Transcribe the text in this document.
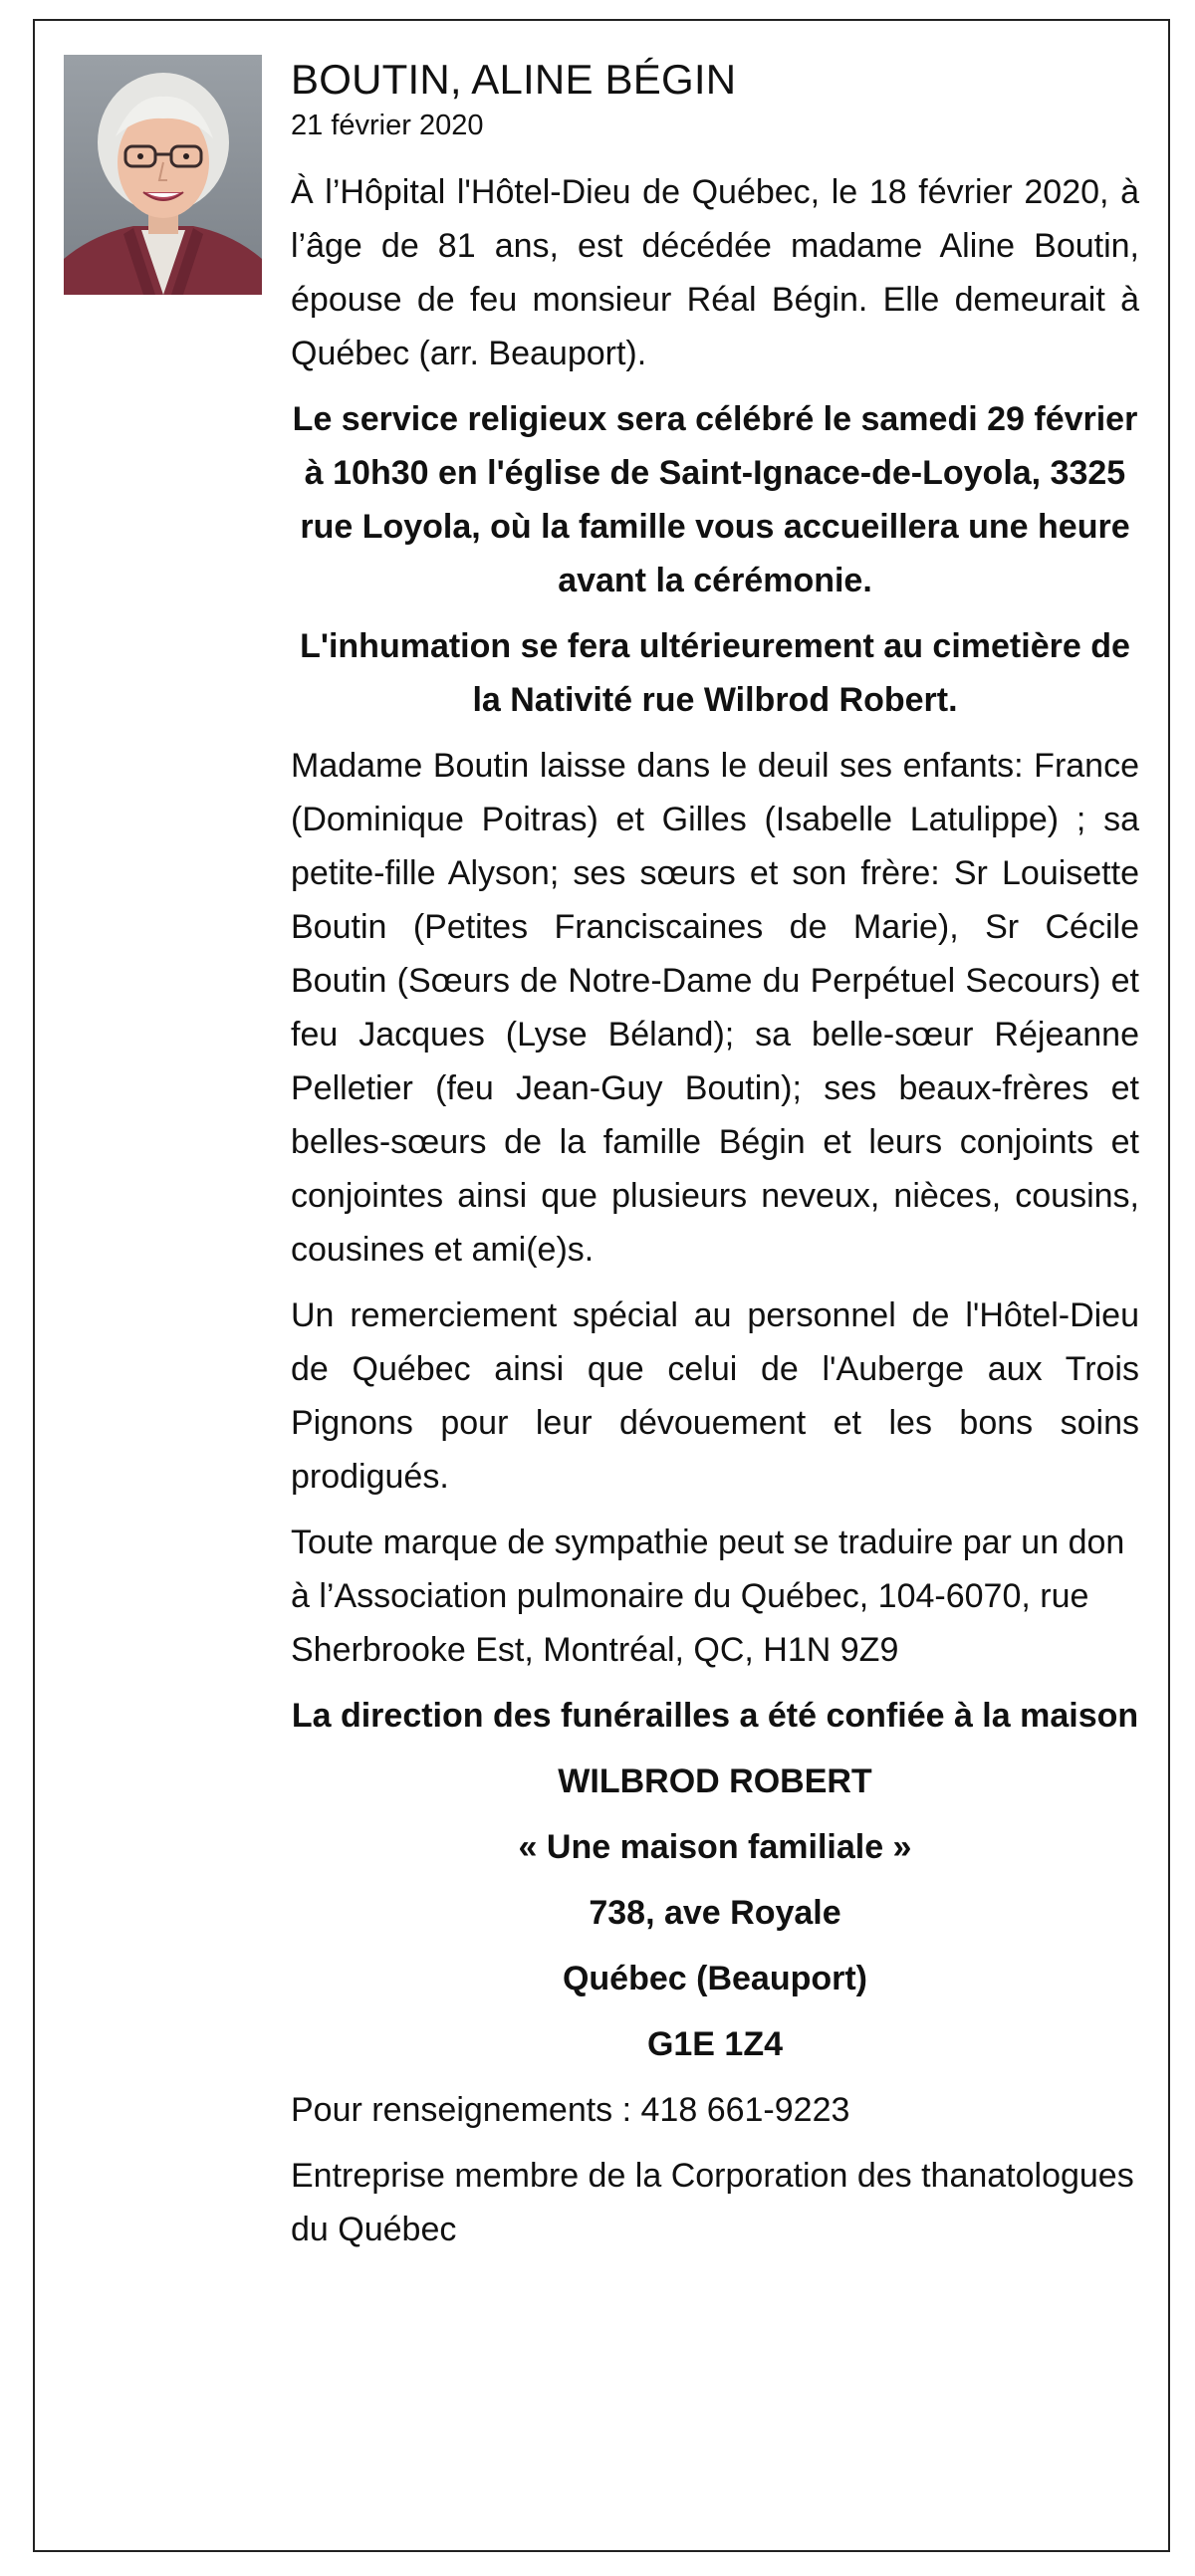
BOUTIN, ALINE BÉGIN
21 février 2020

À l’Hôpital l'Hôtel-Dieu de Québec, le 18 février 2020, à l’âge de 81 ans, est décédée madame Aline Boutin, épouse de feu monsieur Réal Bégin. Elle demeurait à Québec (arr. Beauport).

Le service religieux sera célébré le samedi 29 février à 10h30 en l'église de Saint-Ignace-de-Loyola, 3325 rue Loyola, où la famille vous accueillera une heure avant la cérémonie.

L'inhumation se fera ultérieurement au cimetière de la Nativité rue Wilbrod Robert.

Madame Boutin laisse dans le deuil ses enfants: France (Dominique Poitras) et Gilles (Isabelle Latulippe) ; sa petite-fille Alyson; ses sœurs et son frère: Sr Louisette Boutin (Petites Franciscaines de Marie), Sr Cécile Boutin (Sœurs de Notre-Dame du Perpétuel Secours) et feu Jacques (Lyse Béland); sa belle-sœur Réjeanne Pelletier (feu Jean-Guy Boutin); ses beaux-frères et belles-sœurs de la famille Bégin et leurs conjoints et conjointes ainsi que plusieurs neveux, nièces, cousins, cousines et ami(e)s.

Un remerciement spécial au personnel de l'Hôtel-Dieu de Québec ainsi que celui de l'Auberge aux Trois Pignons pour leur dévouement et les bons soins prodigués.

Toute marque de sympathie peut se traduire par un don à l’Association pulmonaire du Québec, 104-6070, rue Sherbrooke Est, Montréal, QC, H1N 9Z9

La direction des funérailles a été confiée à la maison

WILBROD ROBERT

« Une maison familiale »

738, ave Royale

Québec (Beauport)

G1E 1Z4

Pour renseignements : 418 661-9223

Entreprise membre de la Corporation des thanatologues du Québec
